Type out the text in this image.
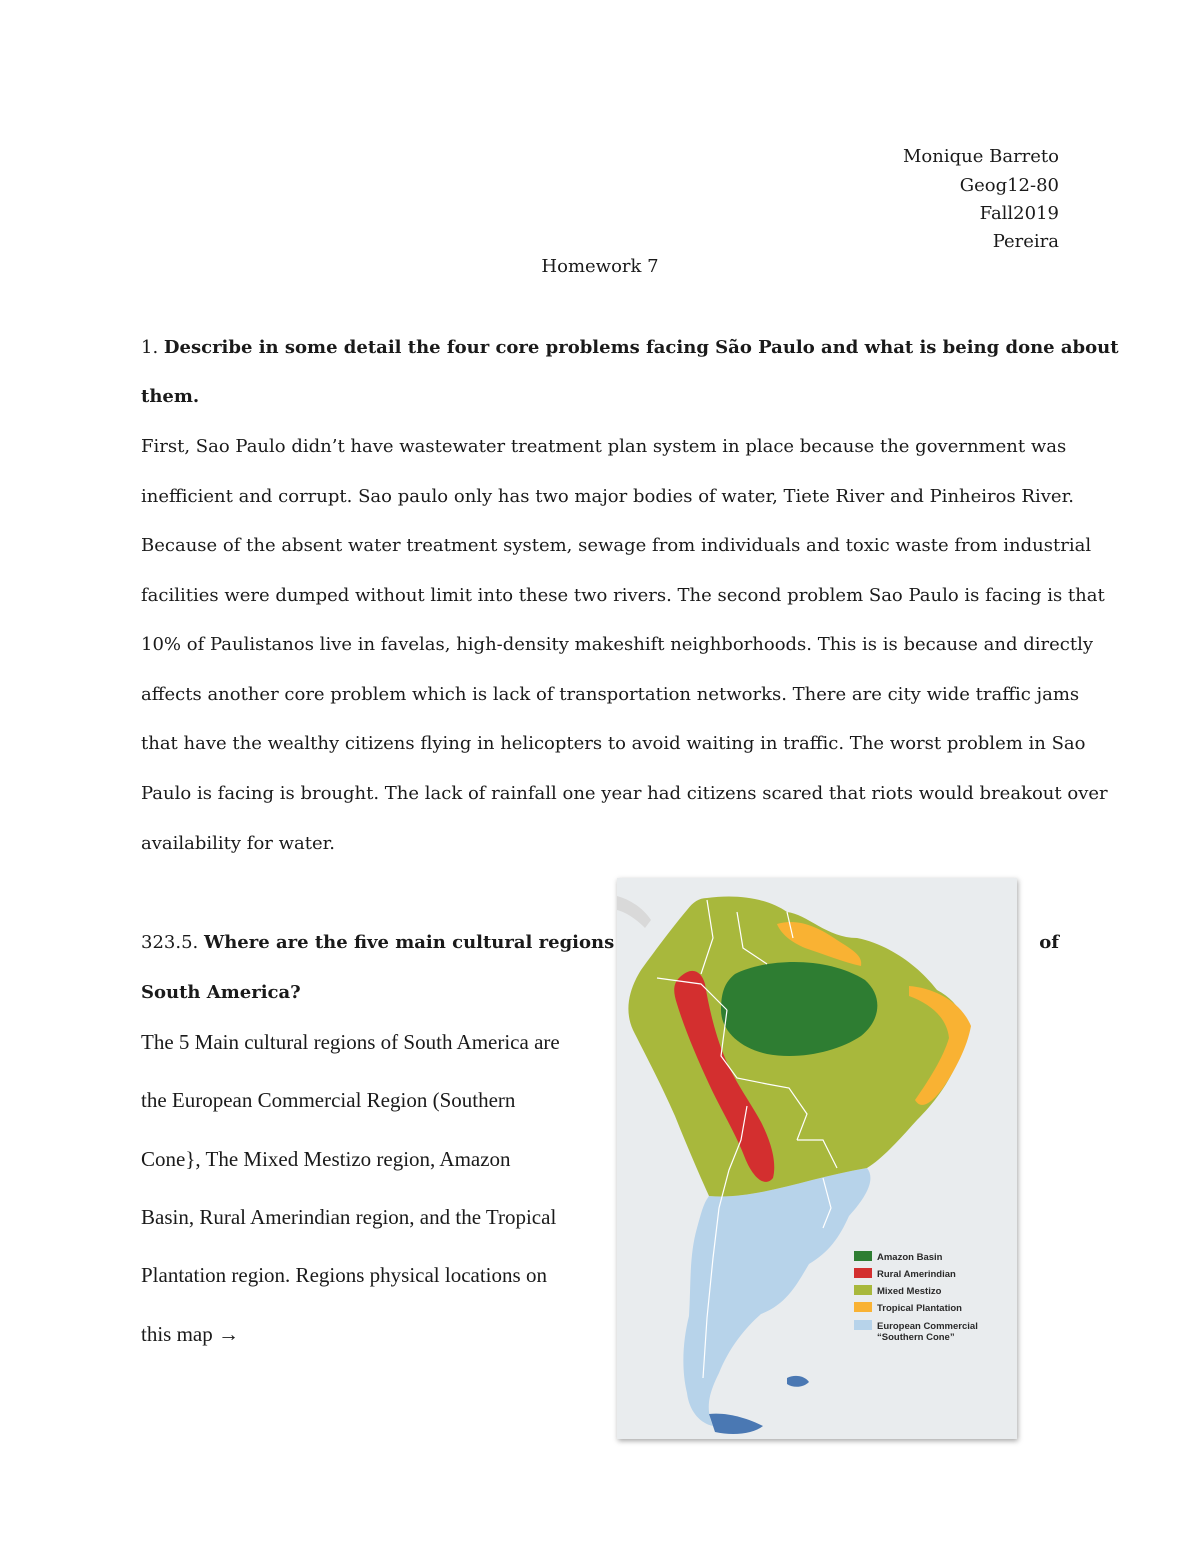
Monique Barreto
Geog12-80
Fall2019
Pereira
Homework 7
1. Describe in some detail the four core problems facing São Paulo and what is being done about
them.
First, Sao Paulo didn’t have wastewater treatment plan system in place because the government was
inefficient and corrupt. Sao paulo only has two major bodies of water, Tiete River and Pinheiros River.
Because of the absent water treatment system, sewage from individuals and toxic waste from industrial
facilities were dumped without limit into these two rivers. The second problem Sao Paulo is facing is that
10% of Paulistanos live in favelas, high-density makeshift neighborhoods. This is is because and directly
affects another core problem which is lack of transportation networks. There are city wide traffic jams
that have the wealthy citizens flying in helicopters to avoid waiting in traffic. The worst problem in Sao
Paulo is facing is brought. The lack of rainfall one year had citizens scared that riots would breakout over
availability for water.
323.5. Where are the five main cultural regions	of
South America?
The 5 Main cultural regions of South America are
the European Commercial Region (Southern
Cone}, The Mixed Mestizo region, Amazon
Basin, Rural Amerindian region, and the Tropical
Plantation region. Regions physical locations on
this map →
Amazon Basin
Rural Amerindian
Mixed Mestizo
Tropical Plantation
European Commercial
“Southern Cone”
